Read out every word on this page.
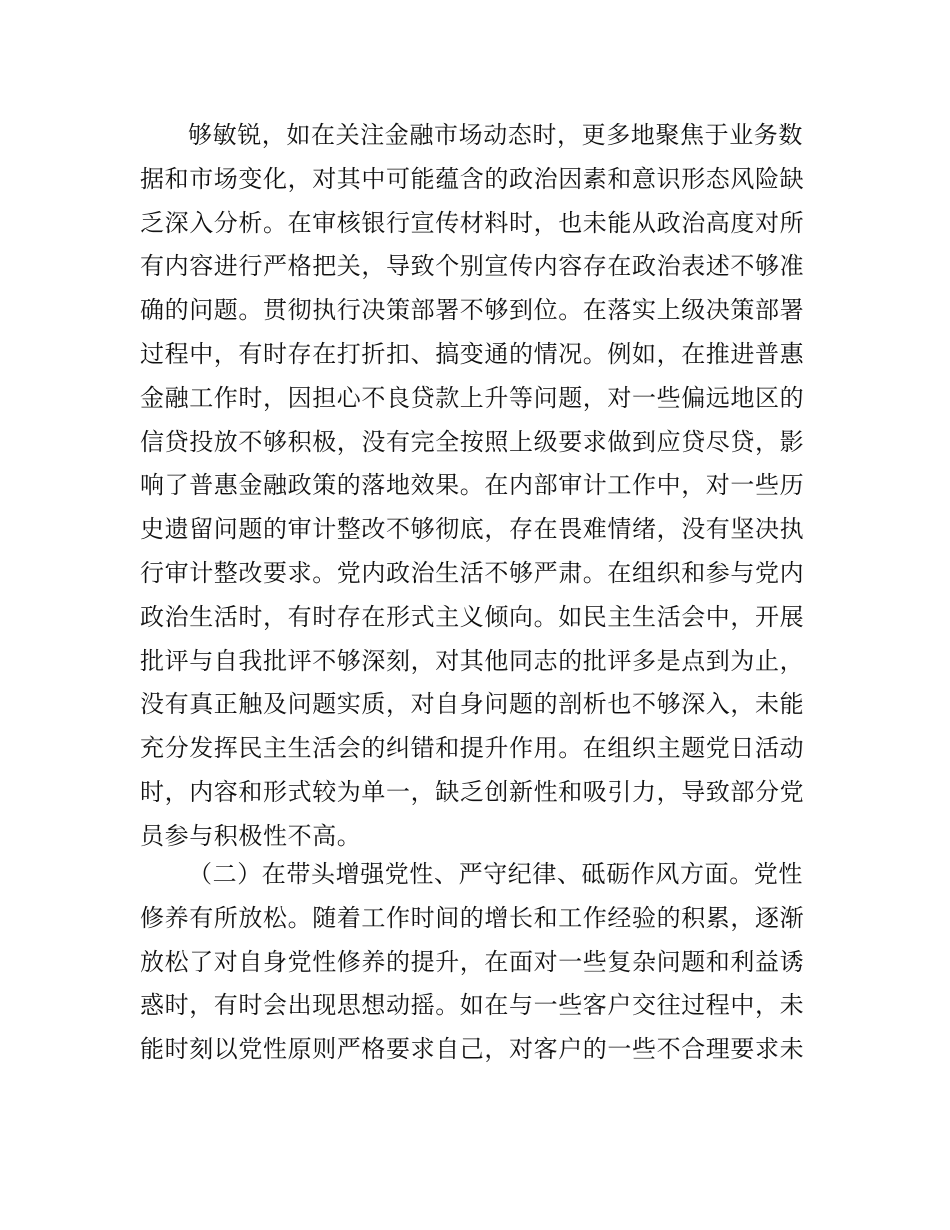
够敏锐，如在关注金融市场动态时，更多地聚焦于业务数
据和市场变化，对其中可能蕴含的政治因素和意识形态风险缺
乏深入分析。在审核银行宣传材料时，也未能从政治高度对所
有内容进行严格把关，导致个别宣传内容存在政治表述不够准
确的问题。贯彻执行决策部署不够到位。在落实上级决策部署
过程中，有时存在打折扣、搞变通的情况。例如，在推进普惠
金融工作时，因担心不良贷款上升等问题，对一些偏远地区的
信贷投放不够积极，没有完全按照上级要求做到应贷尽贷，影
响了普惠金融政策的落地效果。在内部审计工作中，对一些历
史遗留问题的审计整改不够彻底，存在畏难情绪，没有坚决执
行审计整改要求。党内政治生活不够严肃。在组织和参与党内
政治生活时，有时存在形式主义倾向。如民主生活会中，开展
批评与自我批评不够深刻，对其他同志的批评多是点到为止，
没有真正触及问题实质，对自身问题的剖析也不够深入，未能
充分发挥民主生活会的纠错和提升作用。在组织主题党日活动
时，内容和形式较为单一，缺乏创新性和吸引力，导致部分党
员参与积极性不高。
（二）在带头增强党性、严守纪律、砥砺作风方面。党性
修养有所放松。随着工作时间的增长和工作经验的积累，逐渐
放松了对自身党性修养的提升，在面对一些复杂问题和利益诱
惑时，有时会出现思想动摇。如在与一些客户交往过程中，未
能时刻以党性原则严格要求自己，对客户的一些不合理要求未
